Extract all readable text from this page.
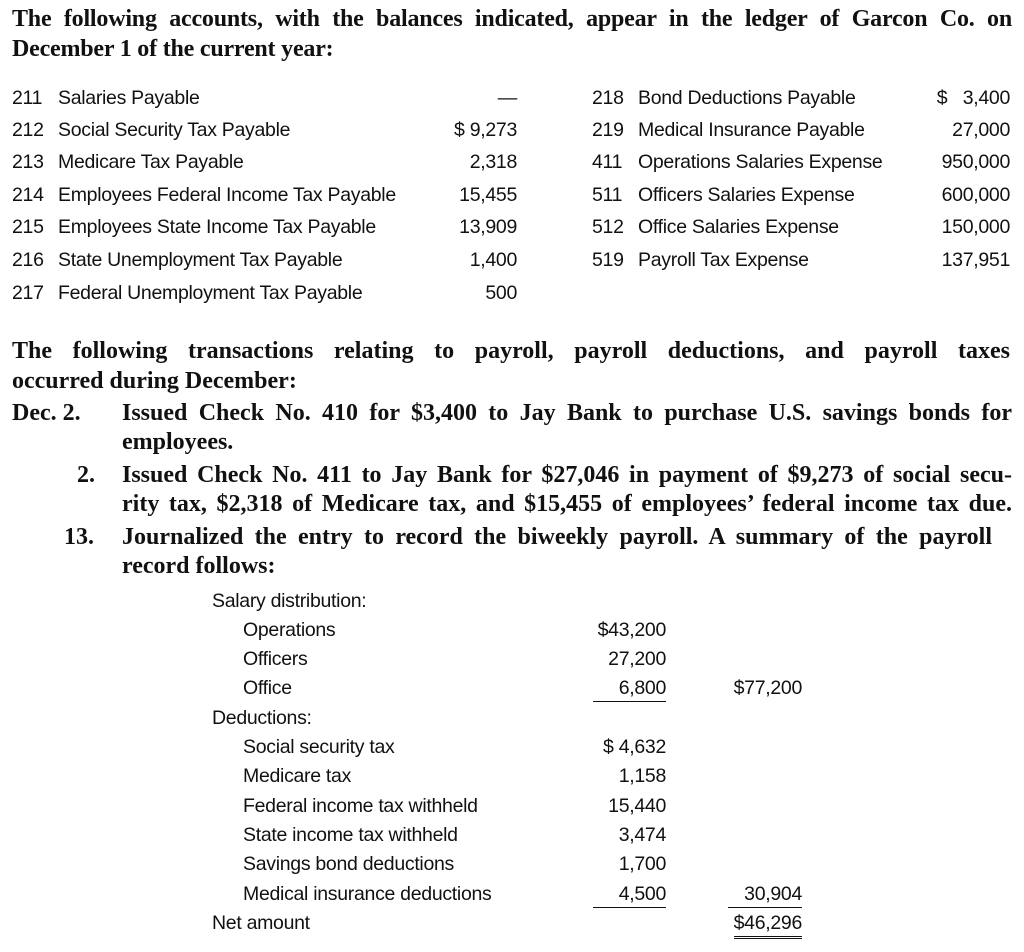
The following accounts, with the balances indicated, appear in the ledger of Garcon Co. on
December 1 of the current year:
211 Salaries Payable	—
212 Social Security Tax Payable	$ 9,273
213 Medicare Tax Payable	2,318
214 Employees Federal Income Tax Payable	15,455
215 Employees State Income Tax Payable	13,909
216 State Unemployment Tax Payable	1,400
217 Federal Unemployment Tax Payable	500
218 Bond Deductions Payable	$   3,400
219 Medical Insurance Payable	27,000
411 Operations Salaries Expense	950,000
511 Officers Salaries Expense	600,000
512 Office Salaries Expense	150,000
519 Payroll Tax Expense	137,951
The following transactions relating to payroll, payroll deductions, and payroll taxes
occurred during December:
Dec. 2. Issued Check No. 410 for $3,400 to Jay Bank to purchase U.S. savings bonds for
employees.
2. Issued Check No. 411 to Jay Bank for $27,046 in payment of $9,273 of social secu-
rity tax, $2,318 of Medicare tax, and $15,455 of employees’ federal income tax due.
13. Journalized the entry to record the biweekly payroll. A summary of the payroll
record follows:
Salary distribution:
Operations	$43,200
Officers	27,200
Office	6,800	$77,200
Deductions:
Social security tax	$ 4,632
Medicare tax	1,158
Federal income tax withheld	15,440
State income tax withheld	3,474
Savings bond deductions	1,700
Medical insurance deductions	4,500	30,904
Net amount	$46,296
